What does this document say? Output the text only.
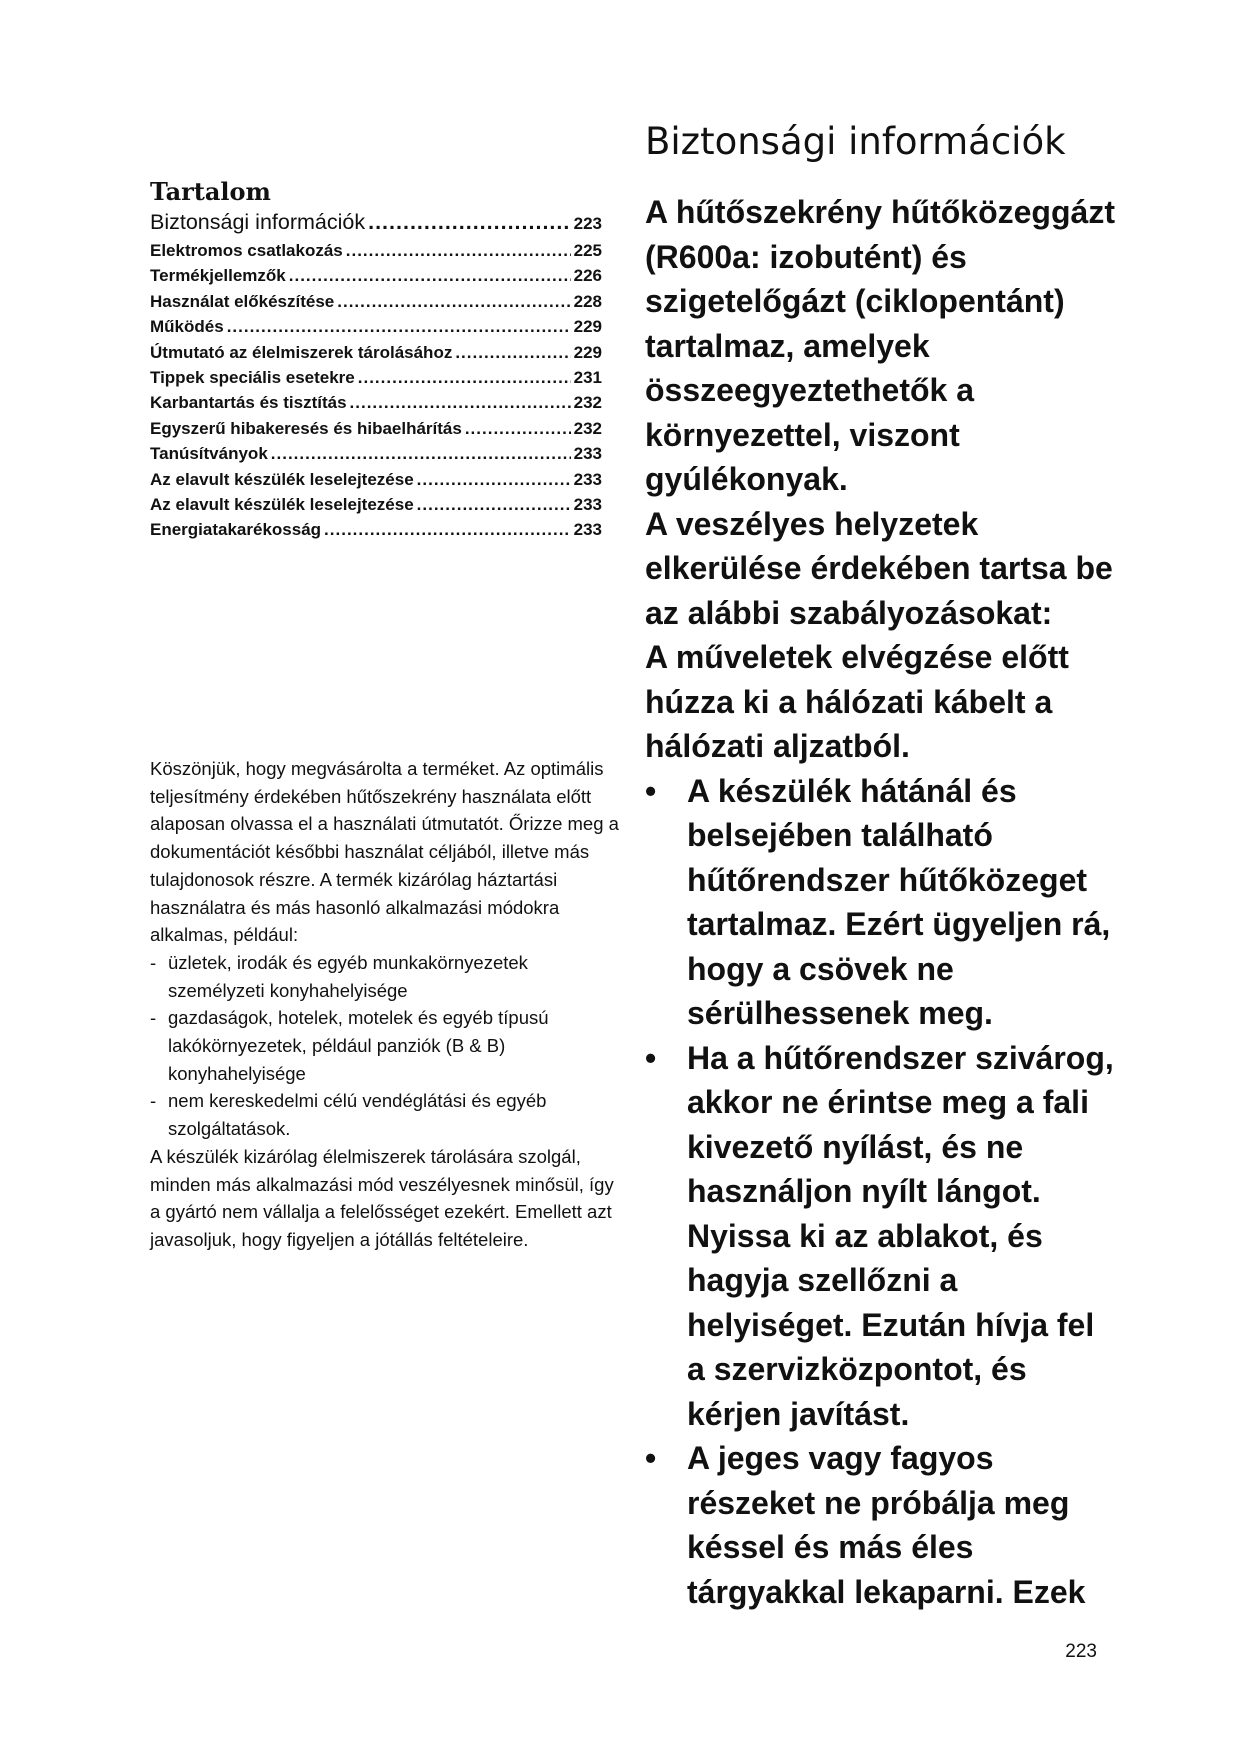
Tartalom
Biztonsági információk .....	223
Elektromos csatlakozás .....	225
Termékjellemzők .....	226
Használat előkészítése .....	228
Működés .....	229
Útmutató az élelmiszerek tárolásához .....	229
Tippek speciális esetekre .....	231
Karbantartás és tisztítás .....	232
Egyszerű hibakeresés és hibaelhárítás .....	232
Tanúsítványok .....	233
Az elavult készülék leselejtezése .....	233
Az elavult készülék leselejtezése .....	233
Energiatakarékosság .....	233

Köszönjük, hogy megvásárolta a terméket. Az optimális teljesítmény érdekében hűtőszekrény használata előtt alaposan olvassa el a használati útmutatót. Őrizze meg a dokumentációt későbbi használat céljából, illetve más tulajdonosok részre. A termék kizárólag háztartási használatra és más hasonló alkalmazási módokra alkalmas, például:

- üzletek, irodák és egyéb munkakörnyezetek személyzeti konyhahelyisége
- gazdaságok, hotelek, motelek és egyéb típusú lakókörnyezetek, például panziók (B & B) konyhahelyisége
- nem kereskedelmi célú vendéglátási és egyéb szolgáltatások.

A készülék kizárólag élelmiszerek tárolására szolgál, minden más alkalmazási mód veszélyesnek minősül, így a gyártó nem vállalja a felelősséget ezekért. Emellett azt javasoljuk, hogy figyeljen a jótállás feltételeire.

Biztonsági információk

A hűtőszekrény hűtőközeggázt (R600a: izobutént) és szigetelőgázt (ciklopentánt) tartalmaz, amelyek összeegyeztethetők a környezettel, viszont gyúlékonyak.

A veszélyes helyzetek elkerülése érdekében tartsa be az alábbi szabályozásokat:

A műveletek elvégzése előtt húzza ki a hálózati kábelt a hálózati aljzatból.

• A készülék hátánál és belsejében található hűtőrendszer hűtőközeget tartalmaz. Ezért ügyeljen rá, hogy a csövek ne sérülhessenek meg.
• Ha a hűtőrendszer szivárog, akkor ne érintse meg a fali kivezető nyílást, és ne használjon nyílt lángot. Nyissa ki az ablakot, és hagyja szellőzni a helyiséget. Ezután hívja fel a szervizközpontot, és kérjen javítást.
• A jeges vagy fagyos részeket ne próbálja meg késsel és más éles tárgyakkal lekaparni. Ezek
223
